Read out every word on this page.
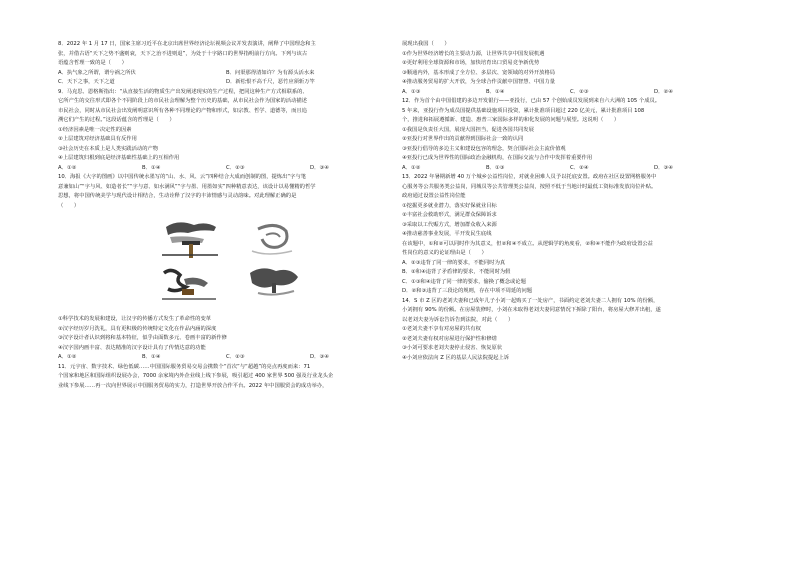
8．2022 年 1 月 17 日，国家主席习近平在北京出席世界经济论坛视频会议并发表演讲，阐释了中国理念和主
张，并借古语“天下之势不盛则衰，天下之治不进则退”，为处于十字路口的世界指明前行方向。下列与该古
语蕴含哲理一致的是（　　）
A．执气象之所谓，谓兮祸之所伏	B．问渠那得清如许？为有源头活水来
C．天下之事，天下之道	D．新松恨不高千尺，恶竹应须斩万竿
9．马克思、恩格斯指出：“从直接生活的物质生产出发阐述现实的生产过程，把同这种生产方式相联系的、
它所产生的交往形式即各个不同阶段上的市民社会理解为整个历史的基础，从市民社会作为国家的活动描述
市民社会，同时从市民社会出发阐明意识所有各种不同理论的产物和形式，如宗教、哲学、道德等，而且追
溯它们产生的过程。”这段话蕴含的哲理是（　　）
①经济因素是唯一决定性的因素
②上层建筑对经济基础具有反作用
③社会历史在本质上是人类实践活动的产物
④上层建筑归根到底是经济基础性基础上的互相作用
A．①②	B．①④	C．②③	D．③④
10．海报《大字的图画》以中国传统水墨写的“山、水、风、云”四种结合大成而创制的图，提炼出“字与笔
意兼如山”“字与风、如造者长”“字与意、如水满风”“字与墨、用墨如实”四种精意表达，该设计以易懂精的哲学
思想，将中国传统美学与现代设计相结合，生动诠释了汉字的丰沛情感与灵动韵味。对此理解正确的是
（　　）
①科学技术的发展和建设，让汉字的传播方式发生了革命性的变革
②汉字经历岁月洗礼，具有更积极的传统特定文化在作品内涵的深度
③汉字设计者认识到将和基本特征，似乎由面数多元、卷画丰富的新作修
④汉字国内画丰富、表达精准的汉字设计具有了传情达意的功能
A．①②	B．①④	C．②③	D．③④
11．元宇宙、数字技术、绿色低碳……中国国际服务贸易交易会携数个“首次”与“超越”的亮点再度而来：71
个国家和地区和国际组织设展办会，7000 余家境内外企业线上线下参展，吸引超过 400 家世界 500 强及行业龙头企
业线下参展……再一次向世界展示中国服务贸易的实力，打造世界开放合作平台。2022 年中国服贸会的成功举办，
展现出我国（　　）
①作为世界经济增长的主要动力源，让世界共享中国发展机遇
②更好利用全球资源和市场，加快培育出口贸易竞争新优势
③顺通内外，基本形成了全方位、多层次、宽领域的对外开放格局
④推动服务贸易的扩大开放，为全球合作贡献中国智慧、中国力量
A．①③	B．①④	C．②③	D．②④
12．作为首个由中国倡建的多边开发银行——亚投行，已由 57 个创始成员发展到来自六大洲的 105 个成员。
5 年来，亚投行作为成员国提供基础设施项目投资，累计批准项目超过 220 亿美元，累计批准项目 108
个，推进和拓展遵循新、建造、惠普三家国际多样的和化发展的问题与展望。这说明（　　）
①我国是负责任大国，展现大国担当，促进各国共同发展
②亚投行对世界作出的贡献得到国际社会一致的认同
③亚投行倡导的多边主义和建设包容的理念，契合国际社会主流价值观
④亚投行已成为世界性的国际政治金融机构，在国际交流与合作中发挥着重要作用
A．①②	B．①③	C．②④	D．③④
13．2022 年暑期新增 40 万个城乡公益性岗位，对就业困难人员予以托底安置。政府在社区设置网格服务中
心服务等公共服务类公益岗，同城员等公共管理类公益岗，按照不低于当地计时最低工资标准发放岗位补贴。
政府通过设置公益性岗位能
①挖掘更多就业潜力，落实好保就业目标
②丰富社会救助形式，满足群众保障诉求
③采取以工代赈方式，增加群众收入来源
④推动慈善事业发展，平开发民生底线
在该题中，①和②可以同时作为其意义，但②和④不成立。从逻辑学的角度看，②和④不能作为政府设置公益
性岗位的意义的论证理由是（　　）
A．②③违背了同一律的要求，不能同时为真
B．②和④违背了矛盾律的要求，不能同时为假
C．①③和④违背了同一律的要求，偷换了概念或论题
D．②和③违背了三段论的规则，存在中项不周延的问题
14．S 市 Z 区的老刘夫妻和已成年儿子小刘一起购买了一处房产，书面约定老刘夫妻二人拥有 10% 的份额，
小刘拥有 90% 的份额。在房屋装修时，小刘在未取得老刘夫妻同意情况下拆除了阳台，将房屋大修并出租，遂
以老刘夫妻为诉讼告诉告到法院，对此（　　）
①老刘夫妻不享有对房屋的共有权
②老刘夫妻有权对房屋进行保护性和修缮
③小刘可要求老刘夫妻停止侵害、恢复原状
④小刘应依法向 Z 区的基层人民法院提起上诉
